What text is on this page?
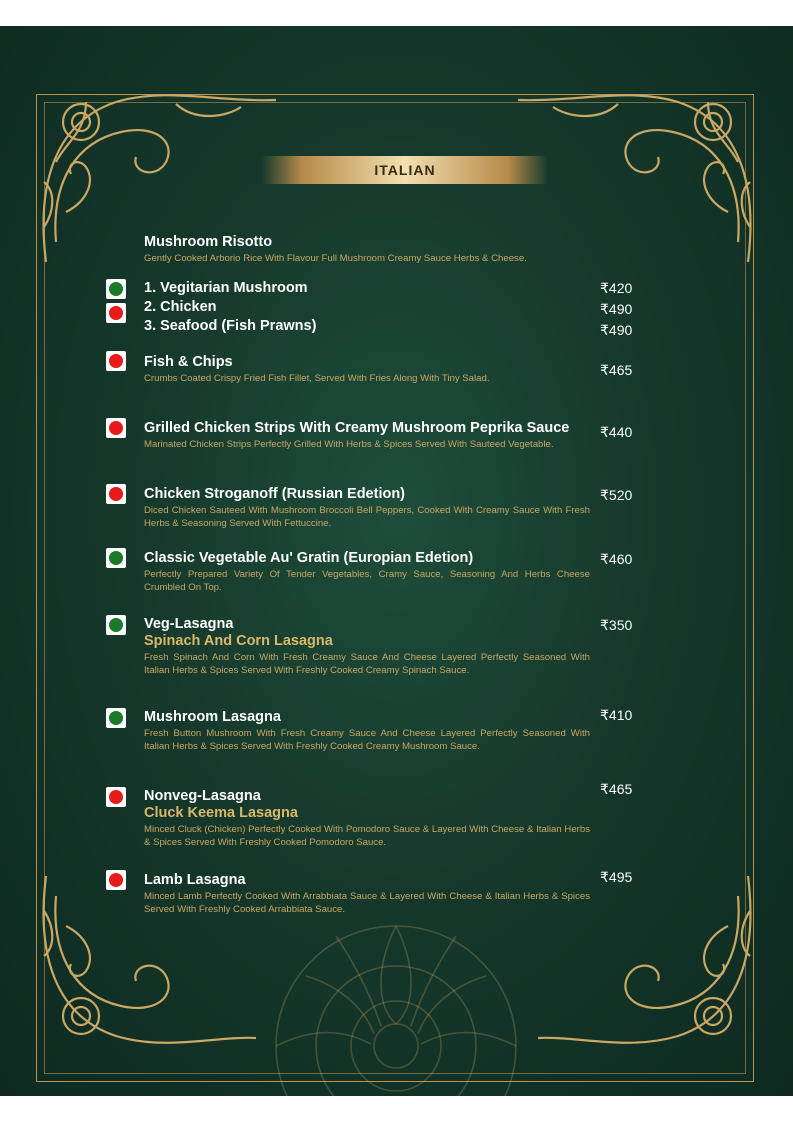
ITALIAN
Mushroom Risotto
Gently Cooked Arborio Rice With Flavour Full Mushroom Creamy Sauce Herbs & Cheese.
1. Vegitarian Mushroom	₹420
2. Chicken	₹490
3. Seafood (Fish Prawns)	₹490
Fish & Chips
Crumbs Coated Crispy Fried Fish Fillet, Served With Fries Along With Tiny Salad.
₹465
Grilled Chicken Strips With Creamy Mushroom Peprika Sauce
Marinated Chicken Strips Perfectly Grilled With Herbs & Spices Served With Sauteed Vegetable.
₹440
Chicken Stroganoff (Russian Edetion)
Diced Chicken Sauteed With Mushroom Broccoli Bell Peppers, Cooked With Creamy Sauce With Fresh Herbs & Seasoning Served With Fettuccine.
₹520
Classic Vegetable Au' Gratin (Europian Edetion)
Perfectly Prepared Variety Of Tender Vegetables, Cramy Sauce, Seasoning And Herbs Cheese Crumbled On Top.
₹460
Veg-Lasagna
Spinach And Corn Lasagna
Fresh Spinach And Corn With Fresh Creamy Sauce And Cheese Layered Perfectly Seasoned With Italian Herbs & Spices Served With Freshly Cooked Creamy Spinach Sauce.
₹350
Mushroom Lasagna
Fresh Button Mushroom With Fresh Creamy Sauce And Cheese Layered Perfectly Seasoned With Italian Herbs & Spices Served With Freshly Cooked Creamy Mushroom Sauce.
₹410
Nonveg-Lasagna
Cluck Keema Lasagna
Minced Cluck (Chicken) Perfectly Cooked With Pomodoro Sauce & Layered With Cheese & Italian Herbs & Spices Served With Freshly Cooked Pomodoro Sauce.
₹465
Lamb Lasagna
Minced Lamb Perfectly Cooked With Arrabbiata Sauce & Layered With Cheese & Italian Herbs & Spices Served With Freshly Cooked Arrabbiata Sauce.
₹495
